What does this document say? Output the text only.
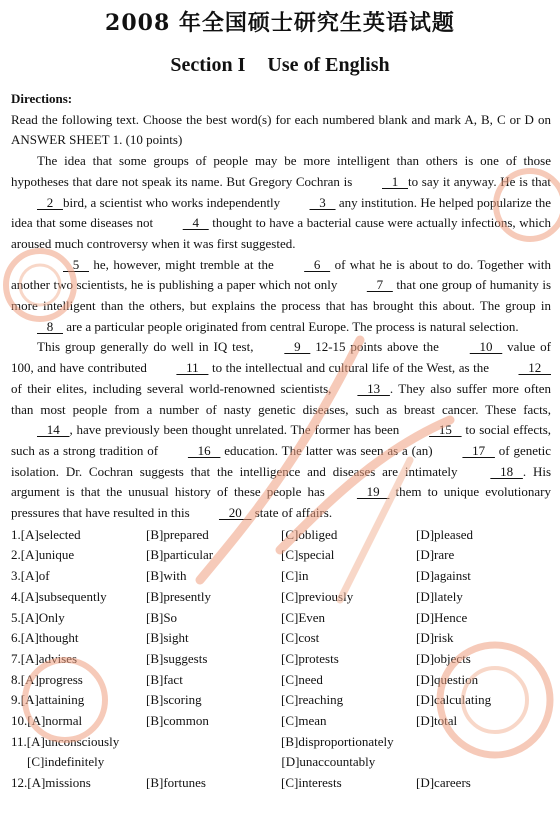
2008 年全国硕士研究生英语试题
Section I Use of English
Directions:
Read the following text. Choose the best word(s) for each numbered blank and mark A, B, C or D on ANSWER SHEET 1. (10 points)
The idea that some groups of people may be more intelligent than others is one of those hypotheses that dare not speak its name. But Gregory Cochran is    1   to say it anyway. He is that   2   bird, a scientist who works independently    3    any institution. He helped popularize the idea that some diseases not    4    thought to have a bacterial cause were actually infections, which aroused much controversy when it was first suggested.
5    he, however, might tremble at the    6    of what he is about to do. Together with another two scientists, he is publishing a paper which not only    7    that one group of humanity is more intelligent than the others, but explains the process that has brought this about. The group in    8    are a particular people originated from central Europe. The process is natural selection.
This group generally do well in IQ test,    9    12-15 points above the    10    value of 100, and have contributed    11    to the intellectual and cultural life of the West, as the    12    of their elites, including several world-renowned scientists,   13   . They also suffer more often than most people from a number of nasty genetic diseases, such as breast cancer. These facts,    14   , have previously been thought unrelated. The former has been    15    to social effects, such as a strong tradition of    16    education. The latter was seen as a (an)    17    of genetic isolation. Dr. Cochran suggests that the intelligence and diseases are intimately    18   . His argument is that the unusual history of these people has    19    them to unique evolutionary pressures that have resulted in this    20    state of affairs.
1.[A]selected	[B]prepared	[C]obliged	[D]pleased
2.[A]unique	[B]particular	[C]special	[D]rare
3.[A]of	[B]with	[C]in	[D]against
4.[A]subsequently	[B]presently	[C]previously	[D]lately
5.[A]Only	[B]So	[C]Even	[D]Hence
6.[A]thought	[B]sight	[C]cost	[D]risk
7.[A]advises	[B]suggests	[C]protests	[D]objects
8.[A]progress	[B]fact	[C]need	[D]question
9.[A]attaining	[B]scoring	[C]reaching	[D]calculating
10.[A]normal	[B]common	[C]mean	[D]total
11.[A]unconsciously	[B]disproportionately
[C]indefinitely	[D]unaccountably
12.[A]missions	[B]fortunes	[C]interests	[D]careers
